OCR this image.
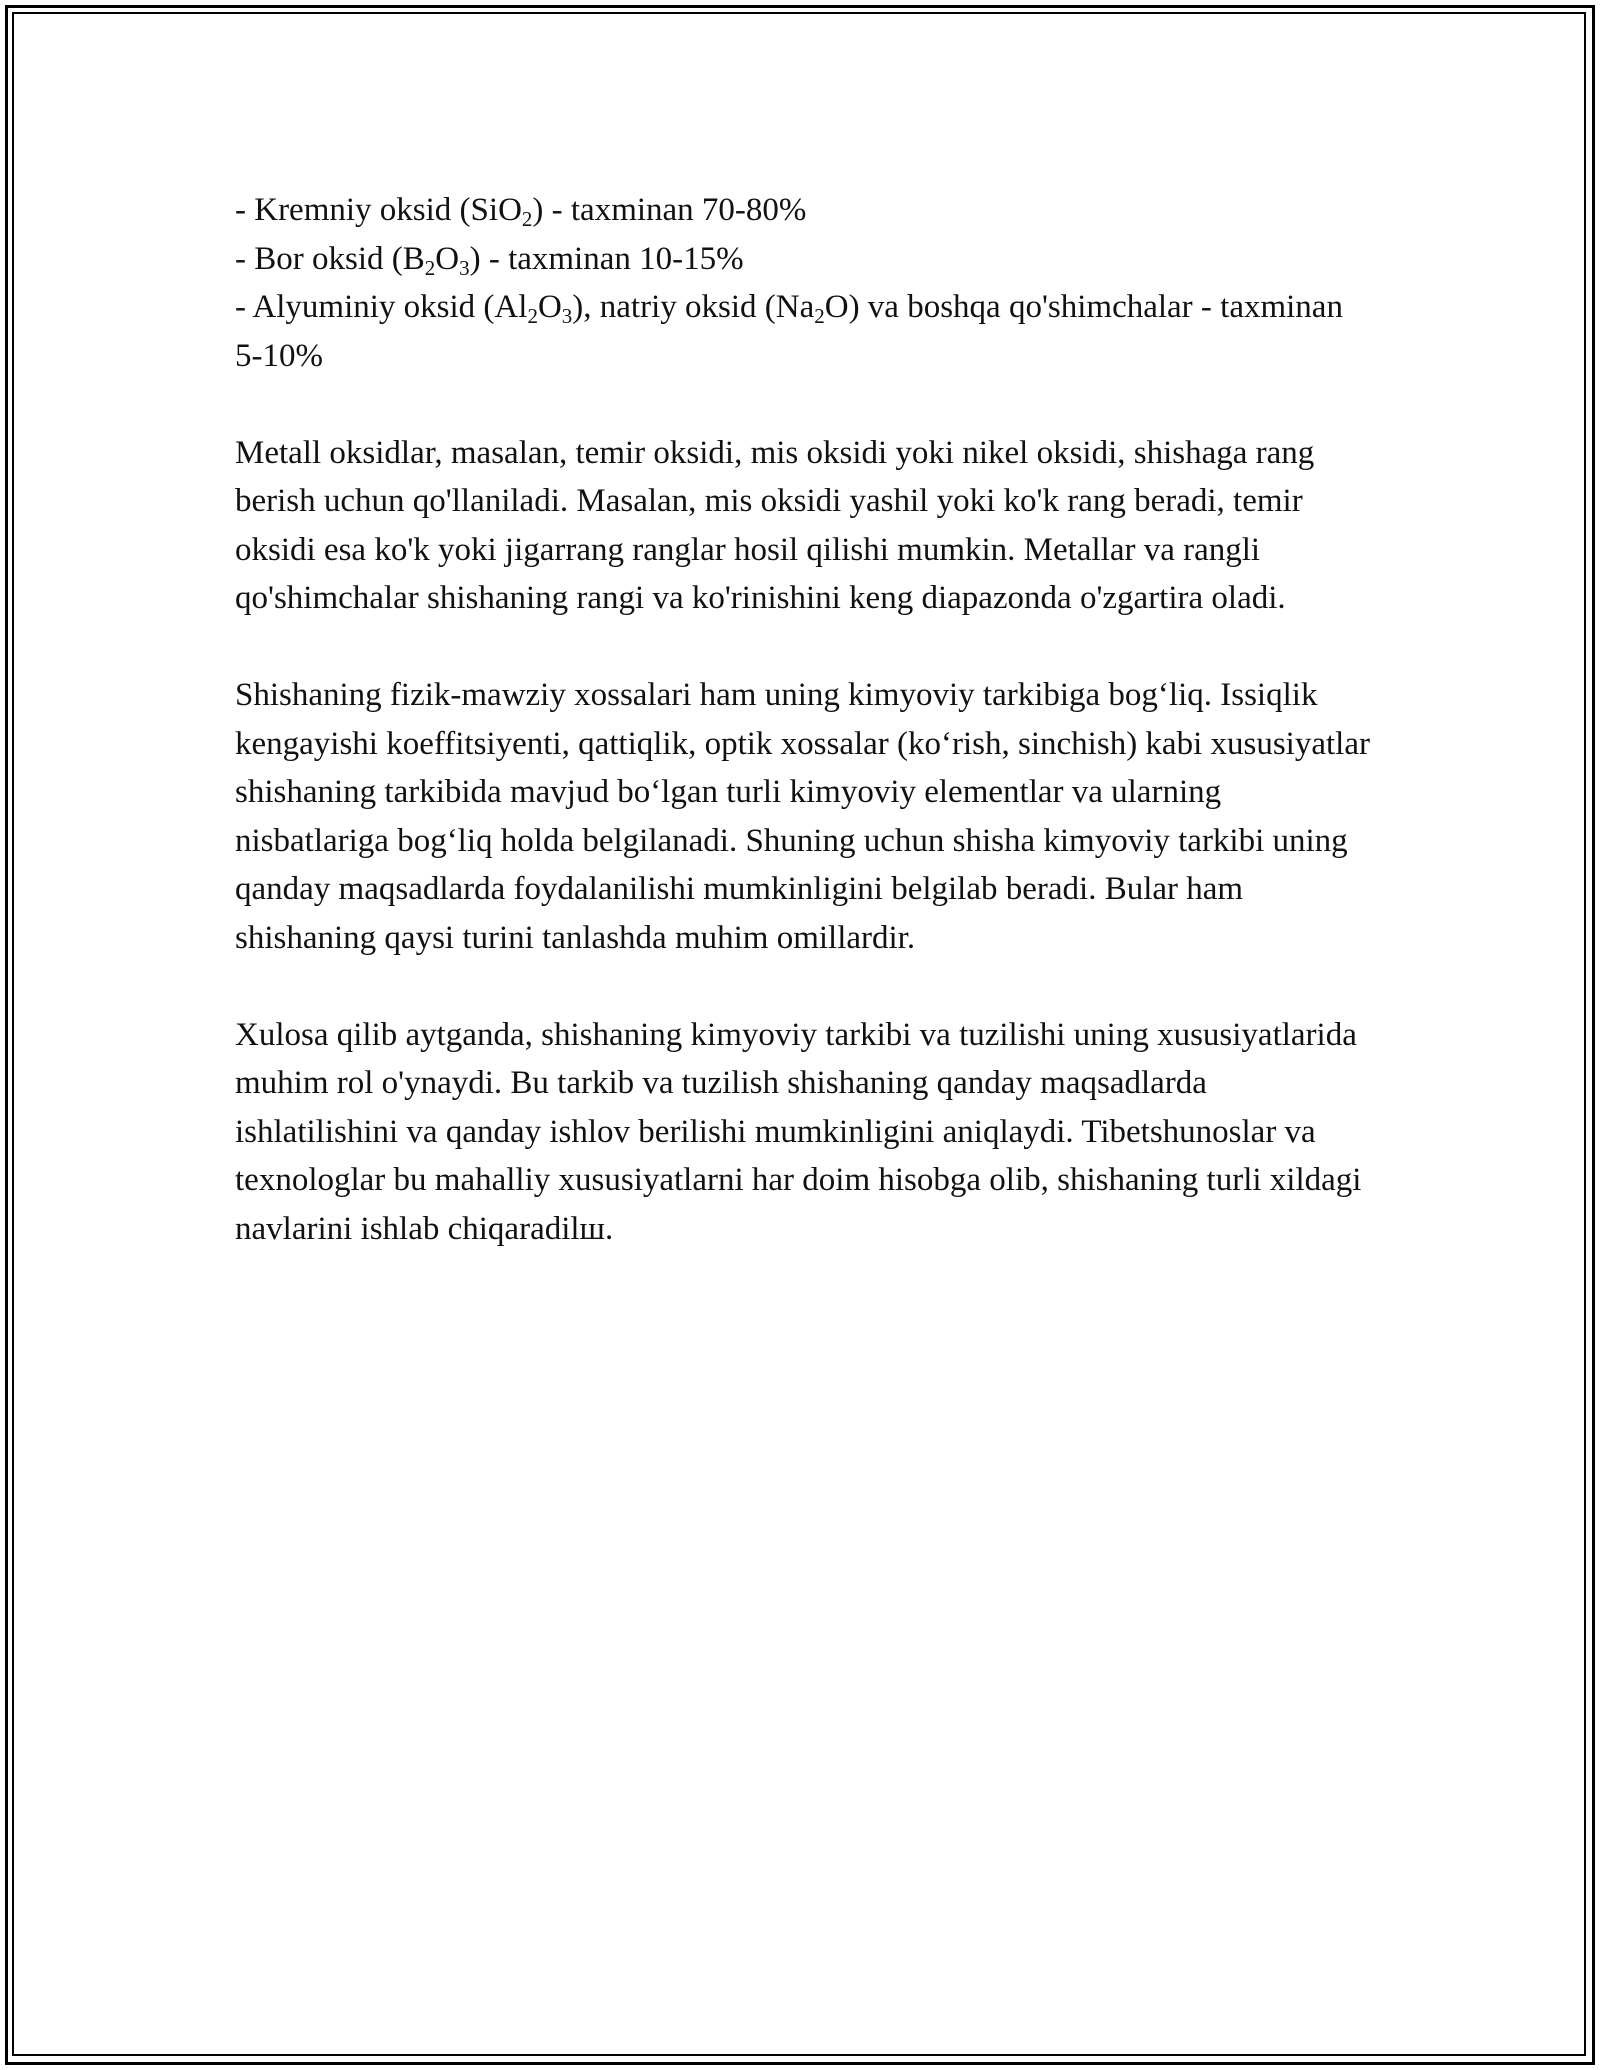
- Kremniy oksid (SiO$_2$) - taxminan 70-80%

- Bor oksid $(B_2O_3)$ - taxminan 10-15%

- Alyuminiy oksid $(Al_2O_3)$, natriy oksid $(Na_2O)$ va boshqa qo'shimchalar - taxminan 5-10%

Metall oksidlar, masalan, temir oksidi, mis oksidi yoki nikel oksidi, shishaga rang berish uchun qo'llaniladi. Masalan, mis oksidi yashil yoki ko'k rang beradi, temir oksidi esa ko'k yoki jigarrang ranglar hosil qilishi mumkin. Metallar va rangli qo'shimchalar shishaning rangi va ko'rinishini keng diapazonda o'zgartira oladi.

Shishaning fizik-mawziy xossalari ham uning kimyoviy tarkibiga bog‘liq. Issiqlik kengayishi koeffitsiyenti, qattiqlik, optik xossalar (ko‘rish, sinchish) kabi xususiyatlar shishaning tarkibida mavjud bo‘lgan turli kimyoviy elementlar va ularning nisbatlariga bog‘liq holda belgilanadi. Shuning uchun shisha kimyoviy tarkibi uning qanday maqsadlarda foydalanilishi mumkinligini belgilab beradi. Bular ham shishaning qaysi turini tanlashda muhim omillardir.

Xulosa qilib aytganda, shishaning kimyoviy tarkibi va tuzilishi uning xususiyatlarida muhim rol o'ynaydi. Bu tarkib va tuzilish shishaning qanday maqsadlarda ishlatilishini va qanday ishlov berilishi mumkinligini aniqlaydi. Tibetshunoslar va texnologlar bu mahalliy xususiyatlarni har doim hisobga olib, shishaning turli xildagi navlarini ishlab chiqaradilш.
